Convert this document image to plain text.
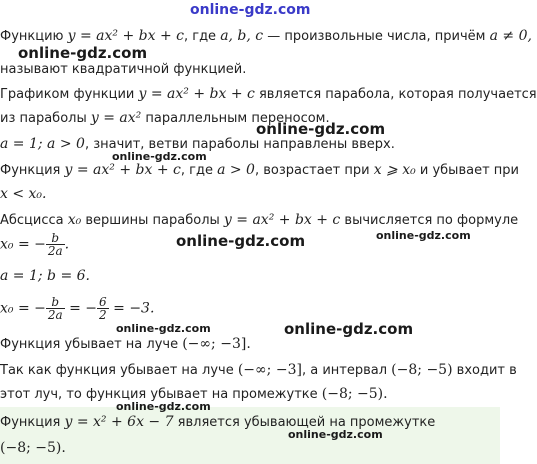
online-gdz.com
Функцию y = ax² + bx + c, где a, b, c — произвольные числа, причём a ≠ 0,
online-gdz.com
называют квадратичной функцией.
Графиком функции y = ax² + bx + c является парабола, которая получается
из параболы y = ax² параллельным переносом.
online-gdz.com
a = 1; a > 0, значит, ветви параболы направлены вверх.
online-gdz.com
Функция y = ax² + bx + c, где a > 0, возрастает при x ⩾ x₀ и убывает при
x < x₀.
Абсцисса x₀ вершины параболы y = ax² + bx + c вычисляется по формуле
online-gdz.com
x₀ = − $\frac{b}{2a}$ .	online-gdz.com
a = 1; b = 6.
x₀ = − $\frac{b}{2a}$ = − $\frac{6}{2} = -3$.
online-gdz.com
online-gdz.com
Функция убывает на луче (−∞; −3].
Так как функция убывает на луче (−∞; −3], а интервал (−8; −5) входит в
этот луч, то функция убывает на промежутке (−8; −5).
online-gdz.com
Функция y = x² + 6x − 7 является убывающей на промежутке
online-gdz.com
(−8; −5).
